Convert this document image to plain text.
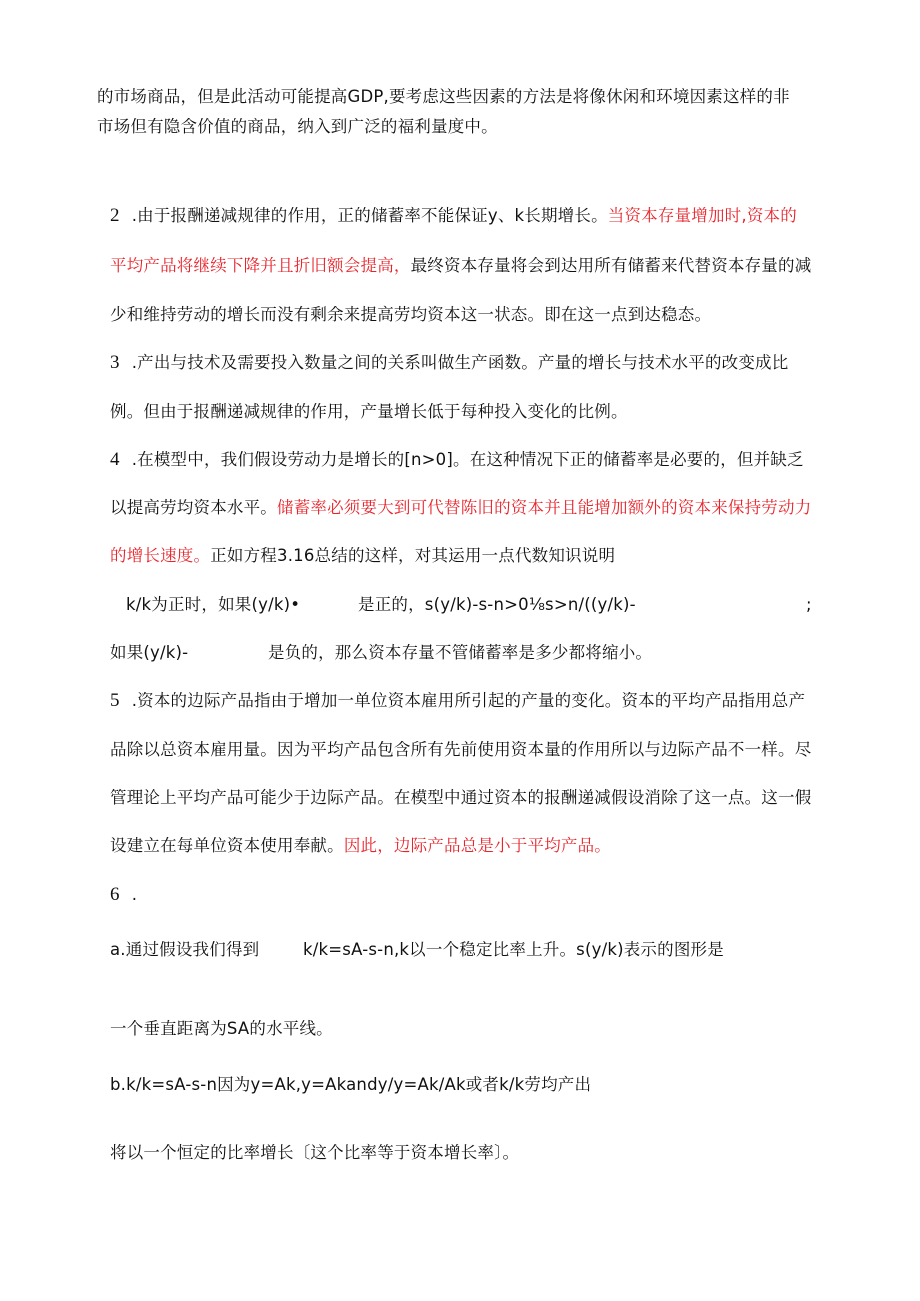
的市场商品，但是此活动可能提高GDP,要考虑这些因素的方法是将像休闲和环境因素这样的非
市场但有隐含价值的商品，纳入到广泛的福利量度中。
2 .由于报酬递减规律的作用，正的储蓄率不能保证y、k长期增长。当资本存量增加时,资本的
平均产品将继续下降并且折旧额会提高，最终资本存量将会到达用所有储蓄来代替资本存量的减
少和维持劳动的增长而没有剩余来提高劳均资本这一状态。即在这一点到达稳态。
3 .产出与技术及需要投入数量之间的关系叫做生产函数。产量的增长与技术水平的改变成比
例。但由于报酬递减规律的作用，产量增长低于每种投入变化的比例。
4 .在模型中，我们假设劳动力是增长的[n>0]。在这种情况下正的储蓄率是必要的，但并缺乏
以提高劳均资本水平。储蓄率必须要大到可代替陈旧的资本并且能增加额外的资本来保持劳动力
的增长速度。正如方程3.16总结的这样，对其运用一点代数知识说明
k/k为正时，如果(y/k)•	是正的，s(y/k)-s-n>0⅛s>n/((y/k)-	;
如果(y/k)-	是负的，那么资本存量不管储蓄率是多少都将缩小。
5 .资本的边际产品指由于增加一单位资本雇用所引起的产量的变化。资本的平均产品指用总产
品除以总资本雇用量。因为平均产品包含所有先前使用资本量的作用所以与边际产品不一样。尽
管理论上平均产品可能少于边际产品。在模型中通过资本的报酬递减假设消除了这一点。这一假
设建立在每单位资本使用奉献。因此，边际产品总是小于平均产品。
6 .
a.通过假设我们得到	k/k=sA-s-n,k以一个稳定比率上升。s(y/k)表示的图形是
一个垂直距离为SA的水平线。
b.k/k=sA-s-n因为y=Ak,y=Akandy/y=Ak/Ak或者k/k劳均产出
将以一个恒定的比率增长〔这个比率等于资本增长率〕。
